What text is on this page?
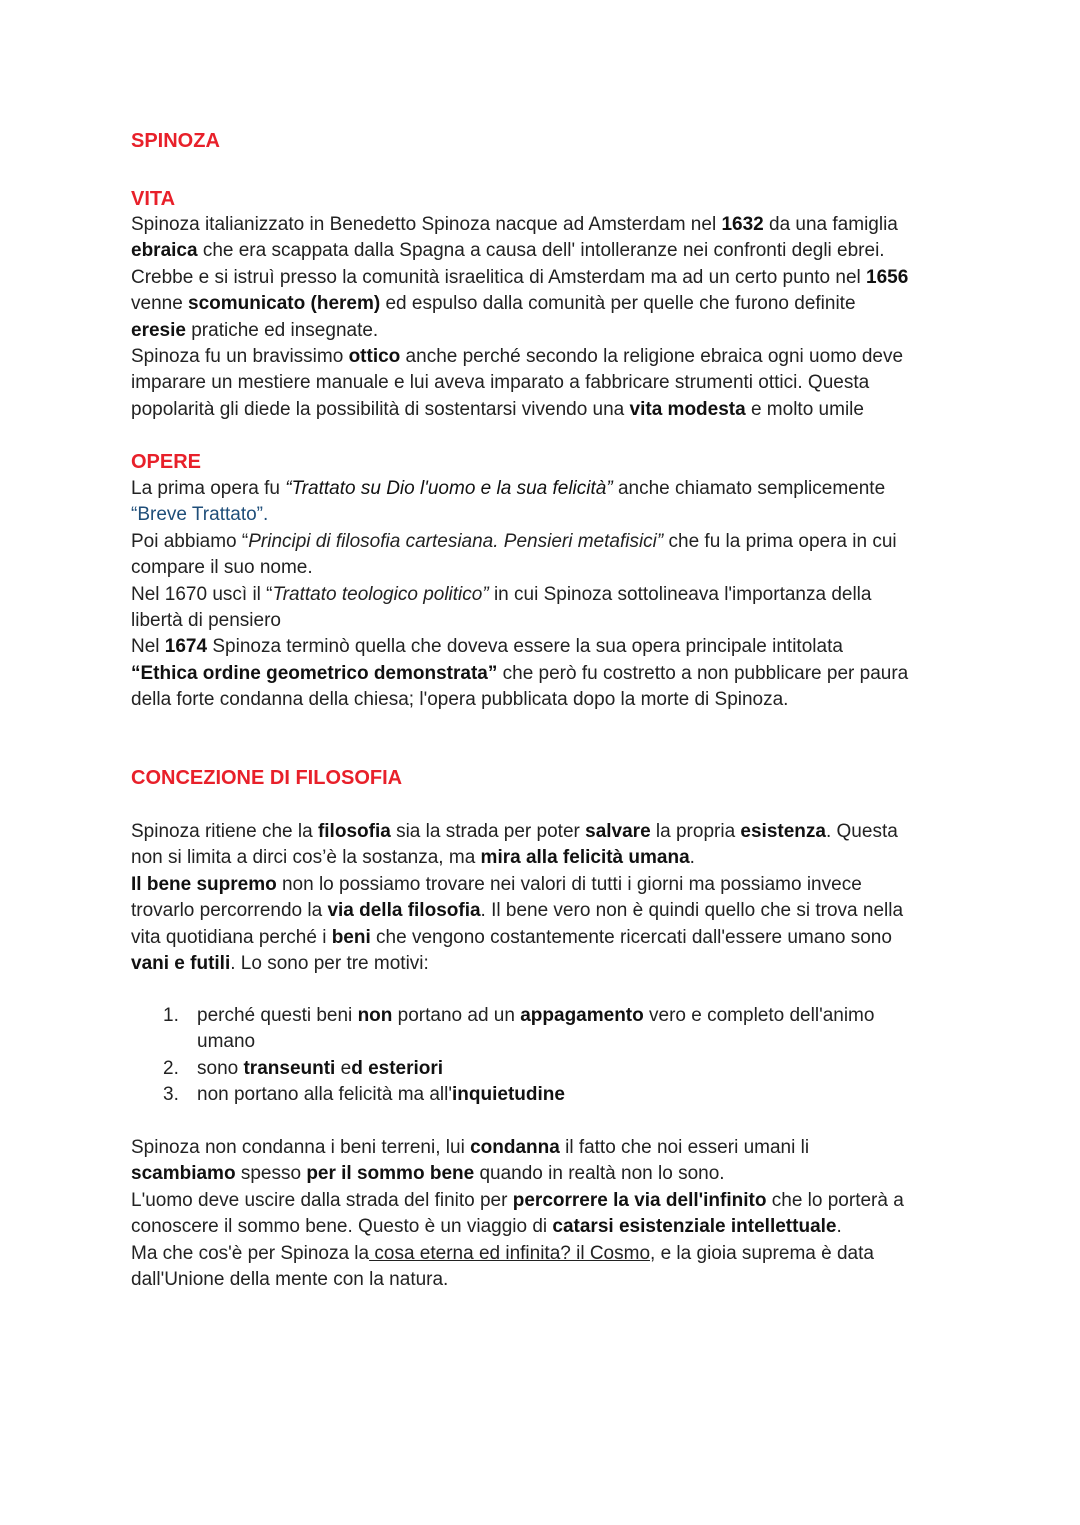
SPINOZA
VITA
Spinoza italianizzato in Benedetto Spinoza nacque ad Amsterdam nel 1632 da una famiglia
ebraica che era scappata dalla Spagna a causa dell' intolleranze nei confronti degli ebrei.
Crebbe e si istruì presso la comunità israelitica di Amsterdam ma ad un certo punto nel 1656
venne scomunicato (herem) ed espulso dalla comunità per quelle che furono definite
eresie pratiche ed insegnate.
Spinoza fu un bravissimo ottico anche perché secondo la religione ebraica ogni uomo deve
imparare un mestiere manuale e lui aveva imparato a fabbricare strumenti ottici. Questa
popolarità gli diede la possibilità di sostentarsi vivendo una vita modesta e molto umile
OPERE
La prima opera fu “Trattato su Dio l'uomo e la sua felicità” anche chiamato semplicemente
“Breve Trattato”.
Poi abbiamo “Principi di filosofia cartesiana. Pensieri metafisici” che fu la prima opera in cui
compare il suo nome.
Nel 1670 uscì il “Trattato teologico politico” in cui Spinoza sottolineava l'importanza della
libertà di pensiero
Nel 1674 Spinoza terminò quella che doveva essere la sua opera principale intitolata
“Ethica ordine geometrico demonstrata” che però fu costretto a non pubblicare per paura
della forte condanna della chiesa; l'opera pubblicata dopo la morte di Spinoza.
CONCEZIONE DI FILOSOFIA
Spinoza ritiene che la filosofia sia la strada per poter salvare la propria esistenza. Questa
non si limita a dirci cos’è la sostanza, ma mira alla felicità umana.
Il bene supremo non lo possiamo trovare nei valori di tutti i giorni ma possiamo invece
trovarlo percorrendo la via della filosofia. Il bene vero non è quindi quello che si trova nella
vita quotidiana perché i beni che vengono costantemente ricercati dall'essere umano sono
vani e futili. Lo sono per tre motivi:
1. perché questi beni non portano ad un appagamento vero e completo dell'animo
umano
2. sono transeunti ed esteriori
3. non portano alla felicità ma all'inquietudine
Spinoza non condanna i beni terreni, lui condanna il fatto che noi esseri umani li
scambiamo spesso per il sommo bene quando in realtà non lo sono.
L'uomo deve uscire dalla strada del finito per percorrere la via dell'infinito che lo porterà a
conoscere il sommo bene. Questo è un viaggio di catarsi esistenziale intellettuale.
Ma che cos'è per Spinoza la cosa eterna ed infinita? il Cosmo, e la gioia suprema è data
dall'Unione della mente con la natura.
